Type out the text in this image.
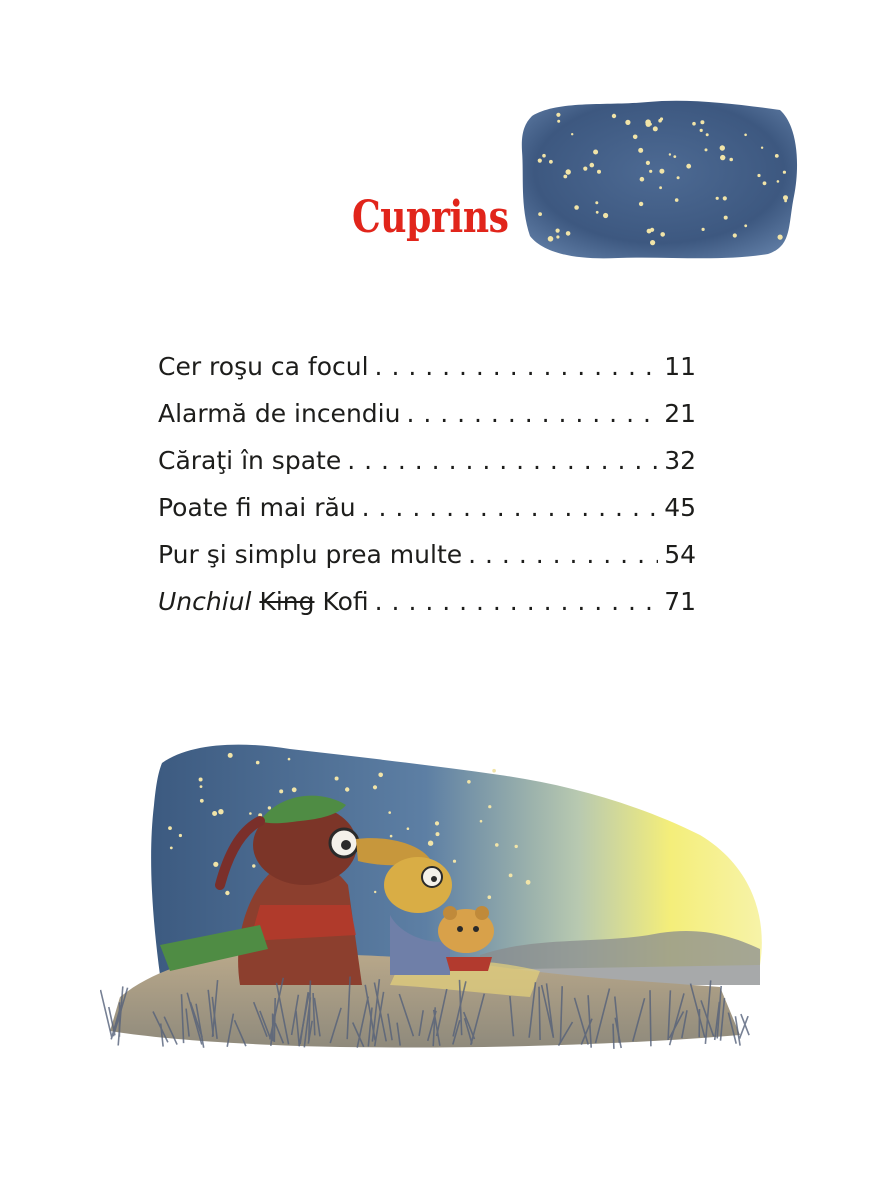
Cuprins
Cer roşu ca focul . . .	11
Alarmă de incendiu . . .	21
Căraţi în spate . . .	32
Poate fi mai rău . . .	45
Pur şi simplu prea multe . . .	54
Unchiul King Kofi . . .	71
